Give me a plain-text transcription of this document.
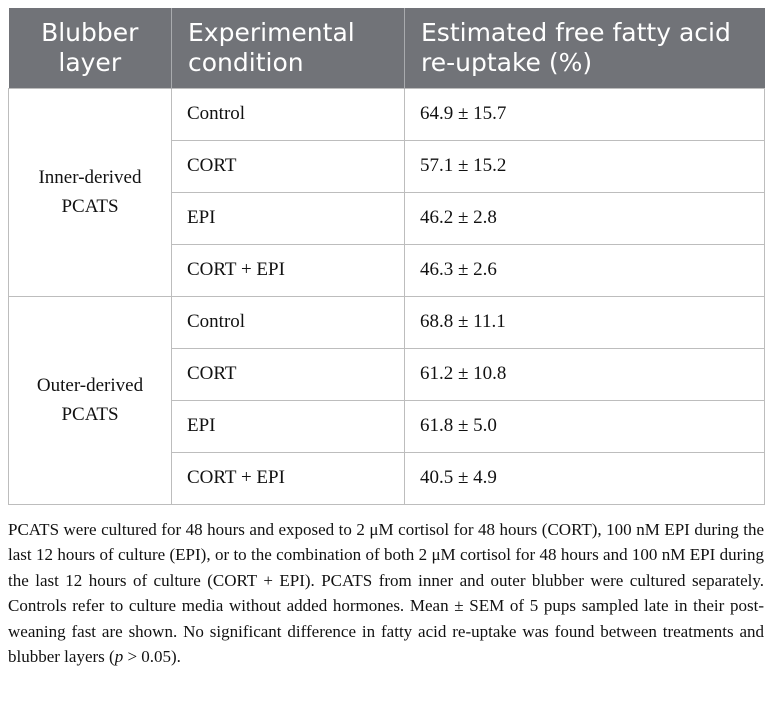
Blubber layer	Experimental condition	Estimated free fatty acid re-uptake (%)
Inner-derived
PCATS	Control	64.9 ± 15.7
	CORT	57.1 ± 15.2
	EPI	46.2 ± 2.8
	CORT + EPI	46.3 ± 2.6
Outer-derived
PCATS	Control	68.8 ± 11.1
	CORT	61.2 ± 10.8
	EPI	61.8 ± 5.0
	CORT + EPI	40.5 ± 4.9

PCATS were cultured for 48 hours and exposed to 2 μM cortisol for 48 hours (CORT), 100 nM EPI during the last 12 hours of culture (EPI), or to the combination of both 2 μM cortisol for 48 hours and 100 nM EPI during the last 12 hours of culture (CORT + EPI). PCATS from inner and outer blubber were cultured separately. Controls refer to culture media without added hormones. Mean ± SEM of 5 pups sampled late in their post-weaning fast are shown. No significant difference in fatty acid re-uptake was found between treatments and blubber layers (p > 0.05).
